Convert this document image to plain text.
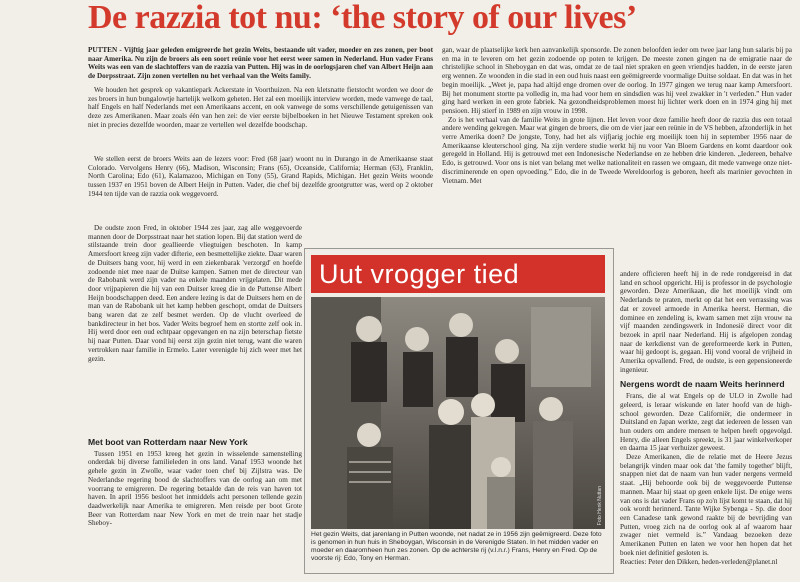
De razzia tot nu: ‘the story of our lives’

PUTTEN - Vijftig jaar geleden emigreerde het gezin Weits, bestaande uit vader, moeder en zes zonen, per boot naar Amerika. Nu zijn de broers als een soort reünie voor het eerst weer samen in Nederland. Hun vader Frans Weits was een van de slachtoffers van de razzia van Putten. Hij was in de oorlogsjaren chef van Albert Heijn aan de Dorpsstraat. Zijn zonen vertellen nu het verhaal van the Weits family.

We houden het gesprek op vakantiepark Ackerstate in Voorthuizen. Na een kletsnatte fietstocht worden we door de zes broers in hun bungalowtje hartelijk welkom geheten. Het zal een moeilijk interview worden, mede vanwege de taal, half Engels en half Nederlands met een Amerikaans accent, en ook vanwege de soms verschillende getuigenissen van deze zes Amerikanen. Maar zoals één van hen zei: de vier eerste bijbelboeken in het Nieuwe Testament spreken ook niet in precies dezelfde woorden, maar ze vertellen wel dezelfde boodschap.

We stellen eerst de broers Weits aan de lezers voor: Fred (68 jaar) woont nu in Durango in de Amerikaanse staat Colorado. Vervolgens Henry (66), Madison, Wisconsin; Frans (65), Oceanside, California; Herman (63), Franklin, North Carolina; Edo (61), Kalamazoo, Michigan en Tony (55), Grand Rapids, Michigan. Het gezin Weits woonde tussen 1937 en 1951 boven de Albert Heijn in Putten. Vader, die chef bij dezelfde grootgrutter was, werd op 2 oktober 1944 ten tijde van de razzia ook weggevoerd.

De oudste zoon Fred, in oktober 1944 zes jaar, zag alle weggevoerde mannen door de Dorpsstraat naar het station lopen. Bij dat station werd de stilstaande trein door geallieerde vliegtuigen beschoten. In kamp Amersfoort kreeg zijn vader difterie, een besmettelijke ziekte. Daar waren de Duitsers bang voor, hij werd in een ziekenbarak 'verzorgd' en hoefde zodoende niet mee naar de Duitse kampen. Samen met de directeur van de Rabobank werd zijn vader na enkele maanden vrijgelaten. Dit mede door vrijpapieren die hij van een Duitser kreeg die in de Puttense Albert Heijn boodschappen deed. Een andere lezing is dat de Duitsers hem en de man van de Rabobank uit het kamp hebben geschopt, omdat de Duitsers bang waren dat ze zelf besmet werden. Op de vlucht overleed de bankdirecteur in het bos. Vader Weits begroef hem en stortte zelf ook in. Hij werd door een oud echtpaar opgevangen en na zijn beterschap fietste hij naar Putten. Daar vond hij eerst zijn gezin niet terug, want die waren vertrokken naar familie in Ermelo. Later verenigde hij zich weer met het gezin.

Met boot van Rotterdam naar New York

Tussen 1951 en 1953 kreeg het gezin in wisselende samenstelling onderdak bij diverse familieleden in ons land. Vanaf 1953 woonde het gehele gezin in Zwolle, waar vader toen chef bij Zijlstra was. De Nederlandse regering bood de slachtoffers van de oorlog aan om met voorrang te emigreren. De regering betaalde dan de reis van haven tot haven. In april 1956 besloot het inmiddels acht personen tellende gezin daadwerkelijk naar Amerika te emigreren. Men reisde per boot Grote Beer van Rotterdam naar New York en met de trein naar het stadje Sheboy-

gan, waar de plaatselijke kerk hen aanvankelijk sponsorde. De zonen beloofden ieder om twee jaar lang hun salaris bij pa en ma in te leveren om het gezin zodoende op poten te krijgen. De meeste zonen gingen na de emigratie naar de christelijke school in Sheboygan en dat was, omdat ze de taal niet spraken en geen vriendjes hadden, in de eerste jaren erg wennen. Ze woonden in die stad in een oud huis naast een geëmigreerde voormalige Duitse soldaat. En dat was in het begin moeilijk. „Weet je, papa had altijd enge dromen over de oorlog. In 1977 gingen we terug naar kamp Amersfoort. Bij het monument stortte pa volledig in, ma had voor hem en sindsdien was hij veel zwakker in 't verleden.” Hun vader ging hard werken in een grote fabriek. Na gezondheidsproblemen moest hij lichter werk doen en in 1974 ging hij met pensioen. Hij stierf in 1989 en zijn vrouw in 1998.

Zo is het verhaal van de familie Weits in grote lijnen. Het leven voor deze familie heeft door de razzia dus een totaal andere wending gekregen. Maar wat gingen de broers, die om de vier jaar een reünie in de VS hebben, afzonderlijk in het verre Amerika doen? De jongste, Tony, had het als vijfjarig jochie erg moeilijk toen hij in september 1956 naar de Amerikaanse kleuterschool ging. Na zijn verdere studie werkt hij nu voor Van Bloem Gardens en komt daardoor ook geregeld in Holland. Hij is getrouwd met een Indonesische Nederlandse en ze hebben drie kinderen. „Iedereen, behalve Edo, is getrouwd. Voor ons is niet van belang met welke nationaliteit en rassen we omgaan, dit mede vanwege onze niet-discriminerende en open opvoeding.” Edo, die in de Tweede Wereldoorlog is geboren, heeft als marinier gevochten in Vietnam. Met

andere officieren heeft hij in de rede rondgereisd in dat land en school opgericht. Hij is professor in de psychologie geworden. Deze Amerikaan, die het moeilijk vindt om Nederlands te praten, merkt op dat het een verrassing was dat er zoveel armoede in Amerika heerst. Herman, die dominee en zendeling is, kwam samen met zijn vrouw na vijf maanden zendingswerk in Indonesië direct voor dit bezoek in april naar Nederland. Hij is afgelopen zondag naar de kerkdienst van de gereformeerde kerk in Putten, waar hij gedoopt is, gegaan. Hij vond vooral de vrijheid in Amerika opvallend. Fred, de oudste, is een gepensioneerde ingenieur.

Nergens wordt de naam Weits herinnerd

Frans, die al wat Engels op de ULO in Zwolle had geleerd, is leraar wiskunde en later hoofd van de high-school geworden. Deze Californiër, die ondermeer in Duitsland en Japan werkte, zegt dat iedereen de lessen van hun ouders om andere mensen te helpen heeft opgevolgd. Henry, die alleen Engels spreekt, is 31 jaar winkelverkoper en daarna 15 jaar verhuizer geweest.

Deze Amerikanen, die de relatie met de Heere Jezus belangrijk vinden maar ook dat 'the family together' blijft, snappen niet dat de naam van hun vader nergens vermeld staat. „Hij behoorde ook bij de weggevoerde Puttense mannen. Maar hij staat op geen enkele lijst. De enige wens van ons is dat vader Frans op zo'n lijst komt te staan, dat hij ook wordt herinnerd. Tante Wijke Sybenga - Sp. die door een Canadese tank gewond raakte bij de bevrijding van Putten, vroeg zich na de oorlog ook al af waarom haar zwager niet vermeld is.” Vandaag bezoeken deze Amerikanen Putten en laten we voor hen hopen dat het boek niet definitief gesloten is.

Reacties: Peter den Dikken, heden-verleden@planet.nl

Uut vrogger tied
Foto Henk Nuttan
Het gezin Weits, dat jarenlang in Putten woonde, net nadat ze in 1956 zijn geëmigreerd. Deze foto is genomen in hun huis in Sheboygan, Wisconsin in de Verenigde Staten. In het midden vader en moeder en daaromheen hun zes zonen. Op de achterste rij (v.l.n.r.) Frans, Henry en Fred. Op de voorste rij: Edo, Tony en Herman.
